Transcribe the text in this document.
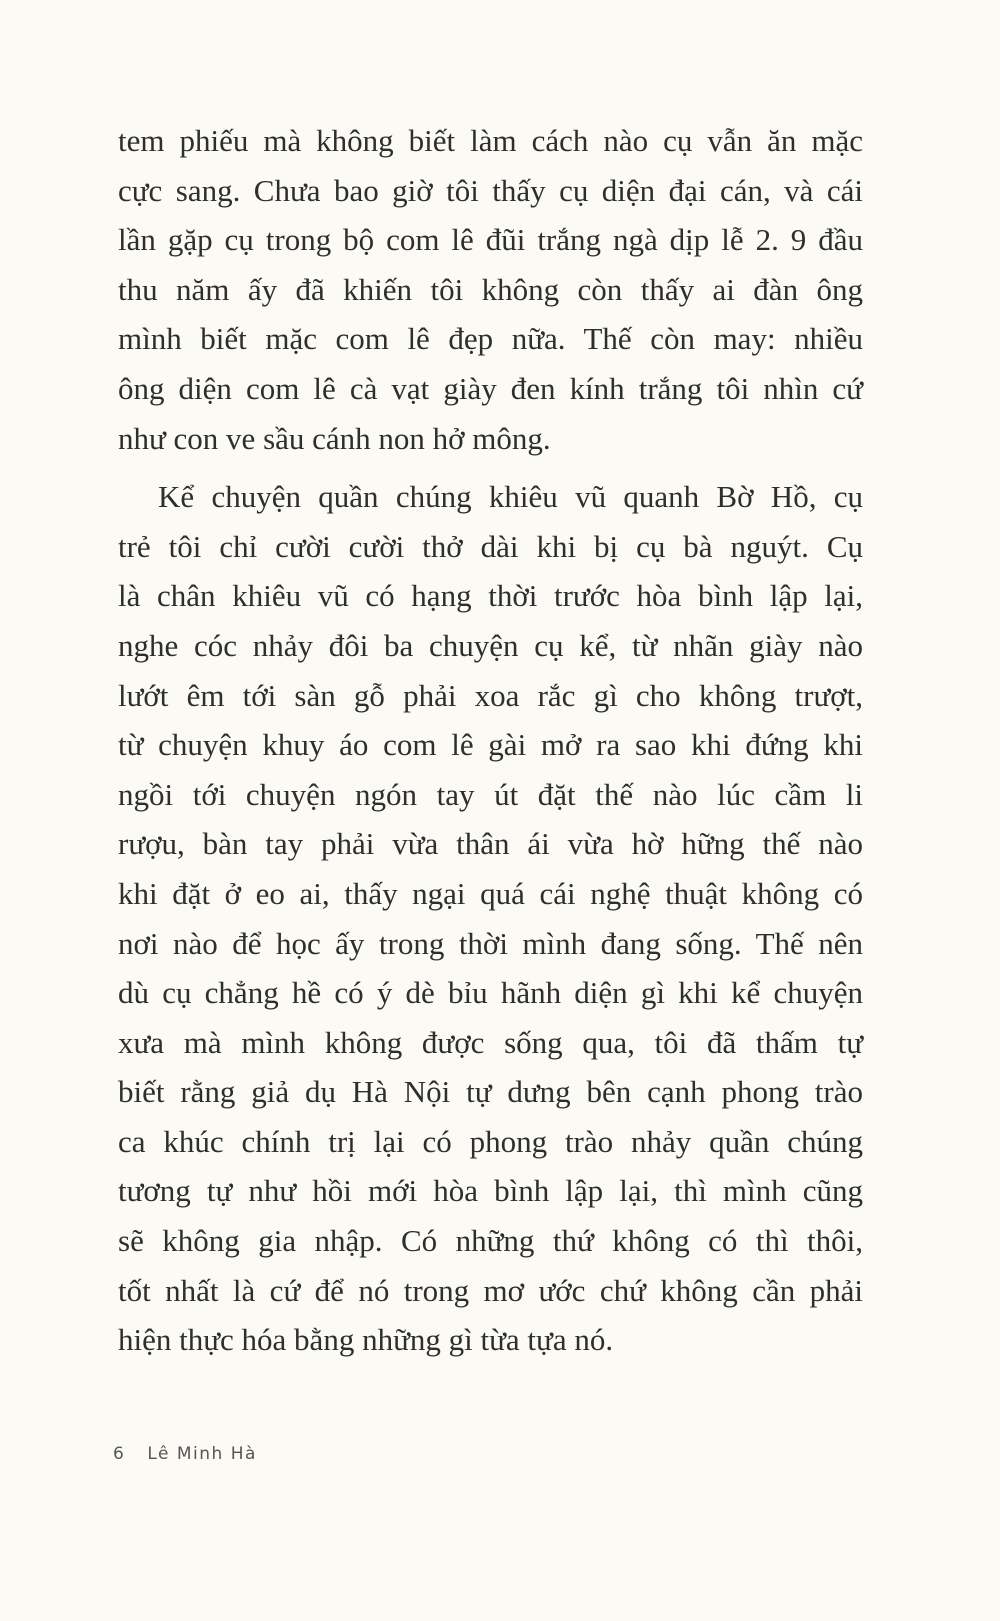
tem phiếu mà không biết làm cách nào cụ vẫn ăn mặc
cực sang. Chưa bao giờ tôi thấy cụ diện đại cán, và cái
lần gặp cụ trong bộ com lê đũi trắng ngà dịp lễ 2. 9 đầu
thu năm ấy đã khiến tôi không còn thấy ai đàn ông
mình biết mặc com lê đẹp nữa. Thế còn may: nhiều
ông diện com lê cà vạt giày đen kính trắng tôi nhìn cứ
như con ve sầu cánh non hở mông.
Kể chuyện quần chúng khiêu vũ quanh Bờ Hồ, cụ
trẻ tôi chỉ cười cười thở dài khi bị cụ bà nguýt. Cụ
là chân khiêu vũ có hạng thời trước hòa bình lập lại,
nghe cóc nhảy đôi ba chuyện cụ kể, từ nhãn giày nào
lướt êm tới sàn gỗ phải xoa rắc gì cho không trượt,
từ chuyện khuy áo com lê gài mở ra sao khi đứng khi
ngồi tới chuyện ngón tay út đặt thế nào lúc cầm li
rượu, bàn tay phải vừa thân ái vừa hờ hững thế nào
khi đặt ở eo ai, thấy ngại quá cái nghệ thuật không có
nơi nào để học ấy trong thời mình đang sống. Thế nên
dù cụ chẳng hề có ý dè bỉu hãnh diện gì khi kể chuyện
xưa mà mình không được sống qua, tôi đã thấm tự
biết rằng giả dụ Hà Nội tự dưng bên cạnh phong trào
ca khúc chính trị lại có phong trào nhảy quần chúng
tương tự như hồi mới hòa bình lập lại, thì mình cũng
sẽ không gia nhập. Có những thứ không có thì thôi,
tốt nhất là cứ để nó trong mơ ước chứ không cần phải
hiện thực hóa bằng những gì từa tựa nó.
6 Lê Minh Hà
